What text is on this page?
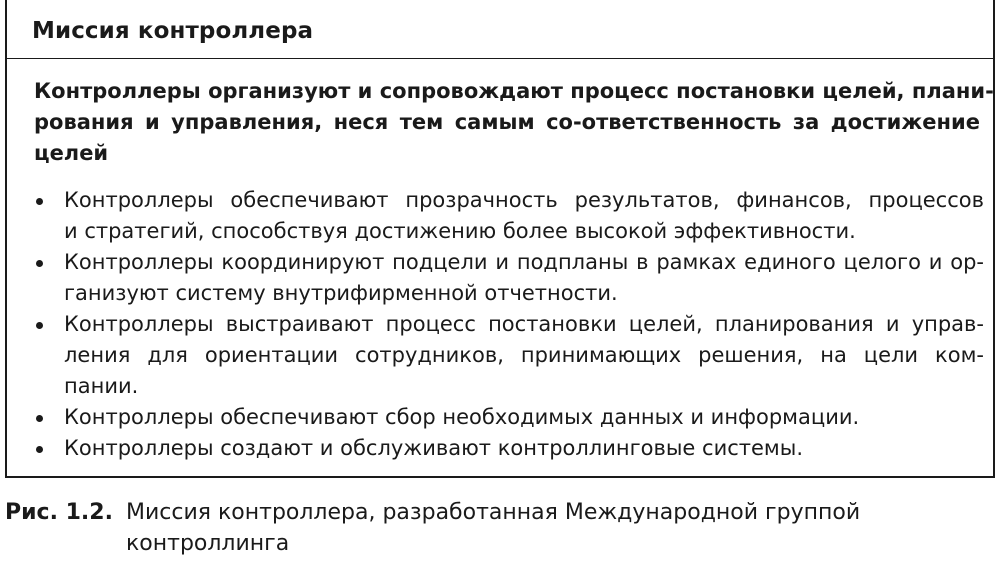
Миссия контроллера

Контроллеры организуют и сопровождают процесс постановки целей, плани-
рования и управления, неся тем самым со-ответственность за достижение
целей

Контроллеры обеспечивают прозрачность результатов, финансов, процессов
и стратегий, способствуя достижению более высокой эффективности.
Контроллеры координируют подцели и подпланы в рамках единого целого и ор-
ганизуют систему внутрифирменной отчетности.
Контроллеры выстраивают процесс постановки целей, планирования и управ-
ления для ориентации сотрудников, принимающих решения, на цели ком-
пании.
Контроллеры обеспечивают сбор необходимых данных и информации.
Контроллеры создают и обслуживают контроллинговые системы.
Рис. 1.2. Миссия контроллера, разработанная Международной группой
контроллинга
